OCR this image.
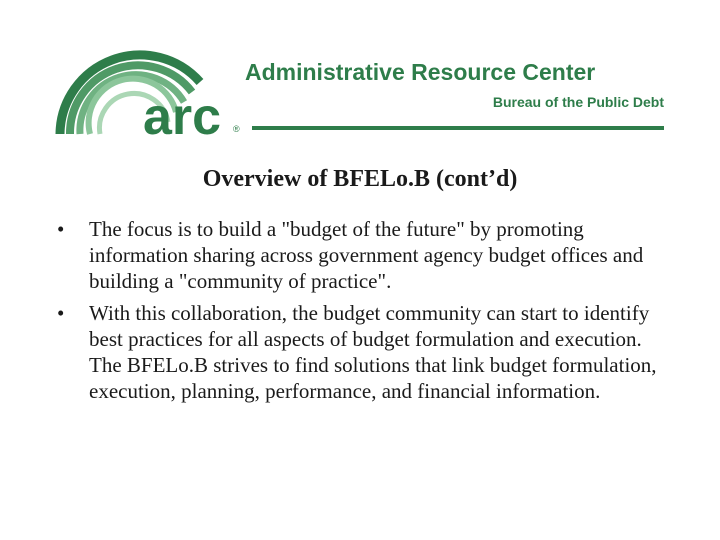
arc ®
Administrative Resource Center
Bureau of the Public Debt
Overview of BFELo.B (cont’d)
• The focus is to build a "budget of the future" by promoting information sharing across government agency budget offices and building a "community of practice".
• With this collaboration, the budget community can start to identify best practices for all aspects of budget formulation and execution. The BFELo.B strives to find solutions that link budget formulation, execution, planning, performance, and financial information.
